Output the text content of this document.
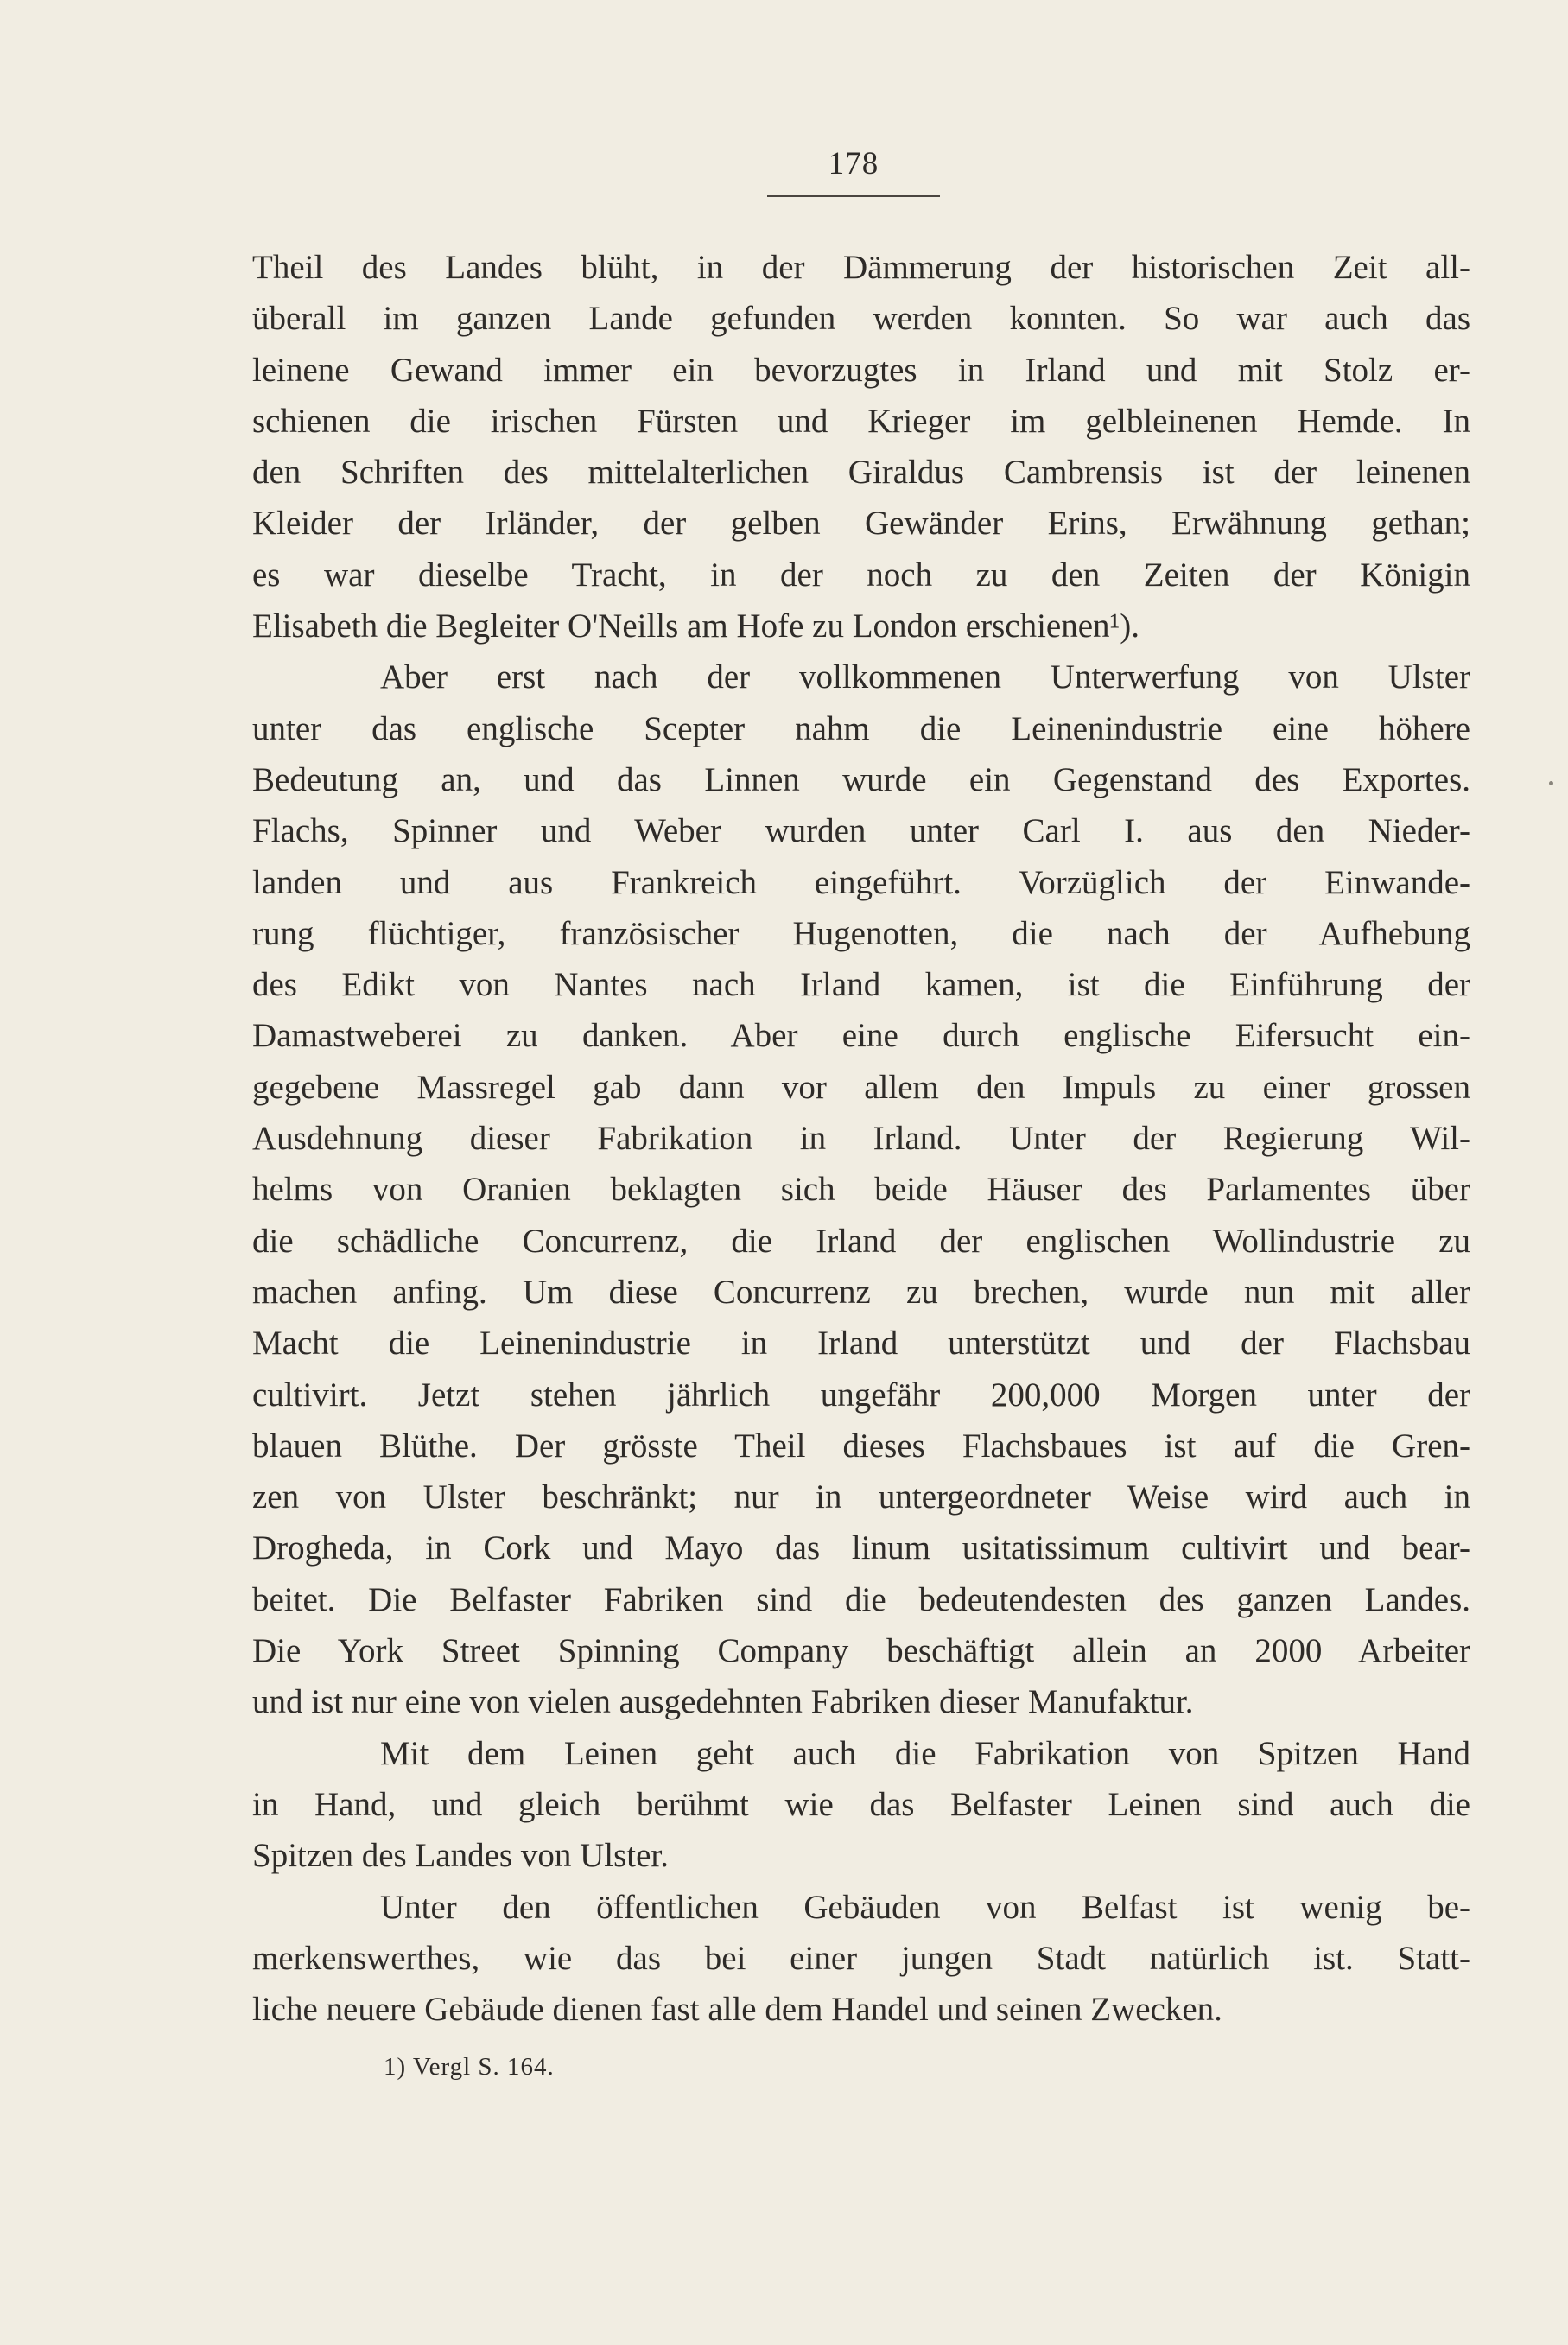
178
Theil des Landes blüht, in der Dämmerung der historischen Zeit all-
überall im ganzen Lande gefunden werden konnten. So war auch das
leinene Gewand immer ein bevorzugtes in Irland und mit Stolz er-
schienen die irischen Fürsten und Krieger im gelbleinenen Hemde. In
den Schriften des mittelalterlichen Giraldus Cambrensis ist der leinenen
Kleider der Irländer, der gelben Gewänder Erins, Erwähnung gethan;
es war dieselbe Tracht, in der noch zu den Zeiten der Königin
Elisabeth die Begleiter O'Neills am Hofe zu London erschienen¹).
Aber erst nach der vollkommenen Unterwerfung von Ulster
unter das englische Scepter nahm die Leinenindustrie eine höhere
Bedeutung an, und das Linnen wurde ein Gegenstand des Exportes.
Flachs, Spinner und Weber wurden unter Carl I. aus den Nieder-
landen und aus Frankreich eingeführt. Vorzüglich der Einwande-
rung flüchtiger, französischer Hugenotten, die nach der Aufhebung
des Edikt von Nantes nach Irland kamen, ist die Einführung der
Damastweberei zu danken. Aber eine durch englische Eifersucht ein-
gegebene Massregel gab dann vor allem den Impuls zu einer grossen
Ausdehnung dieser Fabrikation in Irland. Unter der Regierung Wil-
helms von Oranien beklagten sich beide Häuser des Parlamentes über
die schädliche Concurrenz, die Irland der englischen Wollindustrie zu
machen anfing. Um diese Concurrenz zu brechen, wurde nun mit aller
Macht die Leinenindustrie in Irland unterstützt und der Flachsbau
cultivirt. Jetzt stehen jährlich ungefähr 200,000 Morgen unter der
blauen Blüthe. Der grösste Theil dieses Flachsbaues ist auf die Gren-
zen von Ulster beschränkt; nur in untergeordneter Weise wird auch in
Drogheda, in Cork und Mayo das linum usitatissimum cultivirt und bear-
beitet. Die Belfaster Fabriken sind die bedeutendesten des ganzen Landes.
Die York Street Spinning Company beschäftigt allein an 2000 Arbeiter
und ist nur eine von vielen ausgedehnten Fabriken dieser Manufaktur.
Mit dem Leinen geht auch die Fabrikation von Spitzen Hand
in Hand, und gleich berühmt wie das Belfaster Leinen sind auch die
Spitzen des Landes von Ulster.
Unter den öffentlichen Gebäuden von Belfast ist wenig be-
merkenswerthes, wie das bei einer jungen Stadt natürlich ist. Statt-
liche neuere Gebäude dienen fast alle dem Handel und seinen Zwecken.
1) Vergl S. 164.
